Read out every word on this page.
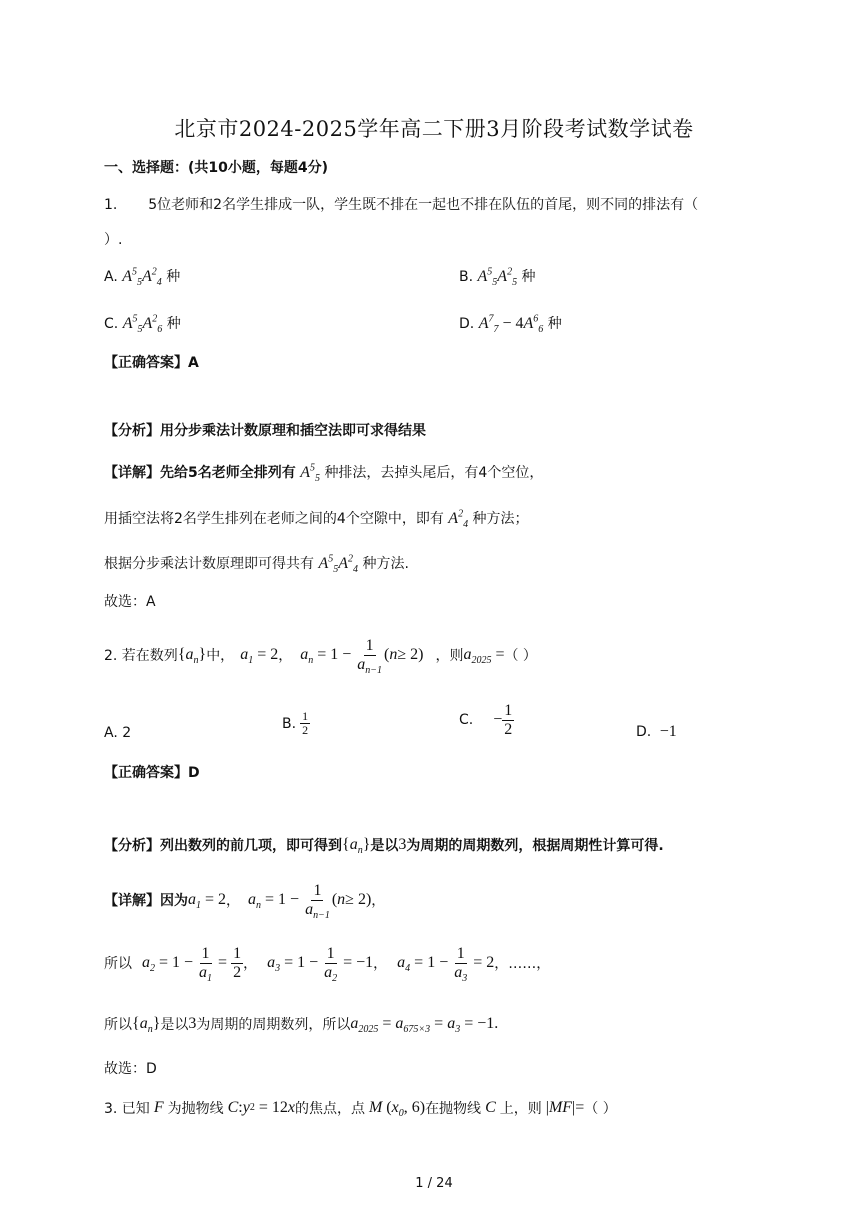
北京市2024-2025学年高二下册3月阶段考试数学试卷
一、选择题：(共10小题，每题4分)
1. 5位老师和2名学生排成一队，学生既不排在一起也不排在队伍的首尾，则不同的排法有（
）.
A. $A^5_5A^2_4$ 种	B. $A^5_5A^2_5$ 种
C. $A^5_5A^2_6$ 种	D. $A^7_7 - 4A^6_6$ 种
【正确答案】A
【分析】用分步乘法计数原理和插空法即可求得结果
【详解】先给5名老师全排列有 $A^5_5$ 种排法，去掉头尾后，有4个空位，
用插空法将2名学生排列在老师之间的4个空隙中，即有 $A^2_4$ 种方法；
根据分步乘法计数原理即可得共有 $A^5_5A^2_4$ 种方法.
故选：A
2. 若在数列 { $a_n$ } 中， $a_1 = 2$ ， $a_n = 1 - \frac{1}{a_{n-1}}$ ( n ≥ 2) ，则 $a_{2025}$ = （ ）
A. 2
B. $\frac{1}{2}$	C. − $\frac{1}{2}$	D.  −1
【正确答案】D
【分析】列出数列的前几项，即可得到 { $a_n$ } 是以 3 为周期的周期数列，根据周期性计算可得.
【详解】因为 $a_1 = 2$ ， $a_n = 1 - \frac{1}{a_{n-1}}$ ( n ≥ 2) ，
所以 $a_2 = 1 - \frac{1}{a_1} = \frac{1}{2}$ ， $a_3 = 1 - \frac{1}{a_2} = -1$ ， $a_4 = 1 - \frac{1}{a_3} = 2$ ，……，
所以 { $a_n$ } 是以 3 为周期的周期数列，所以 $a_{2025} = a_{675\times 3} = a_3 = -1$ .
故选：D
3. 已知 F 为抛物线 C : y 2 = 12 x 的焦点，点 M ( $x_0$ , 6) 在抛物线 C 上，则 | MF |= （ ）
1 / 24
